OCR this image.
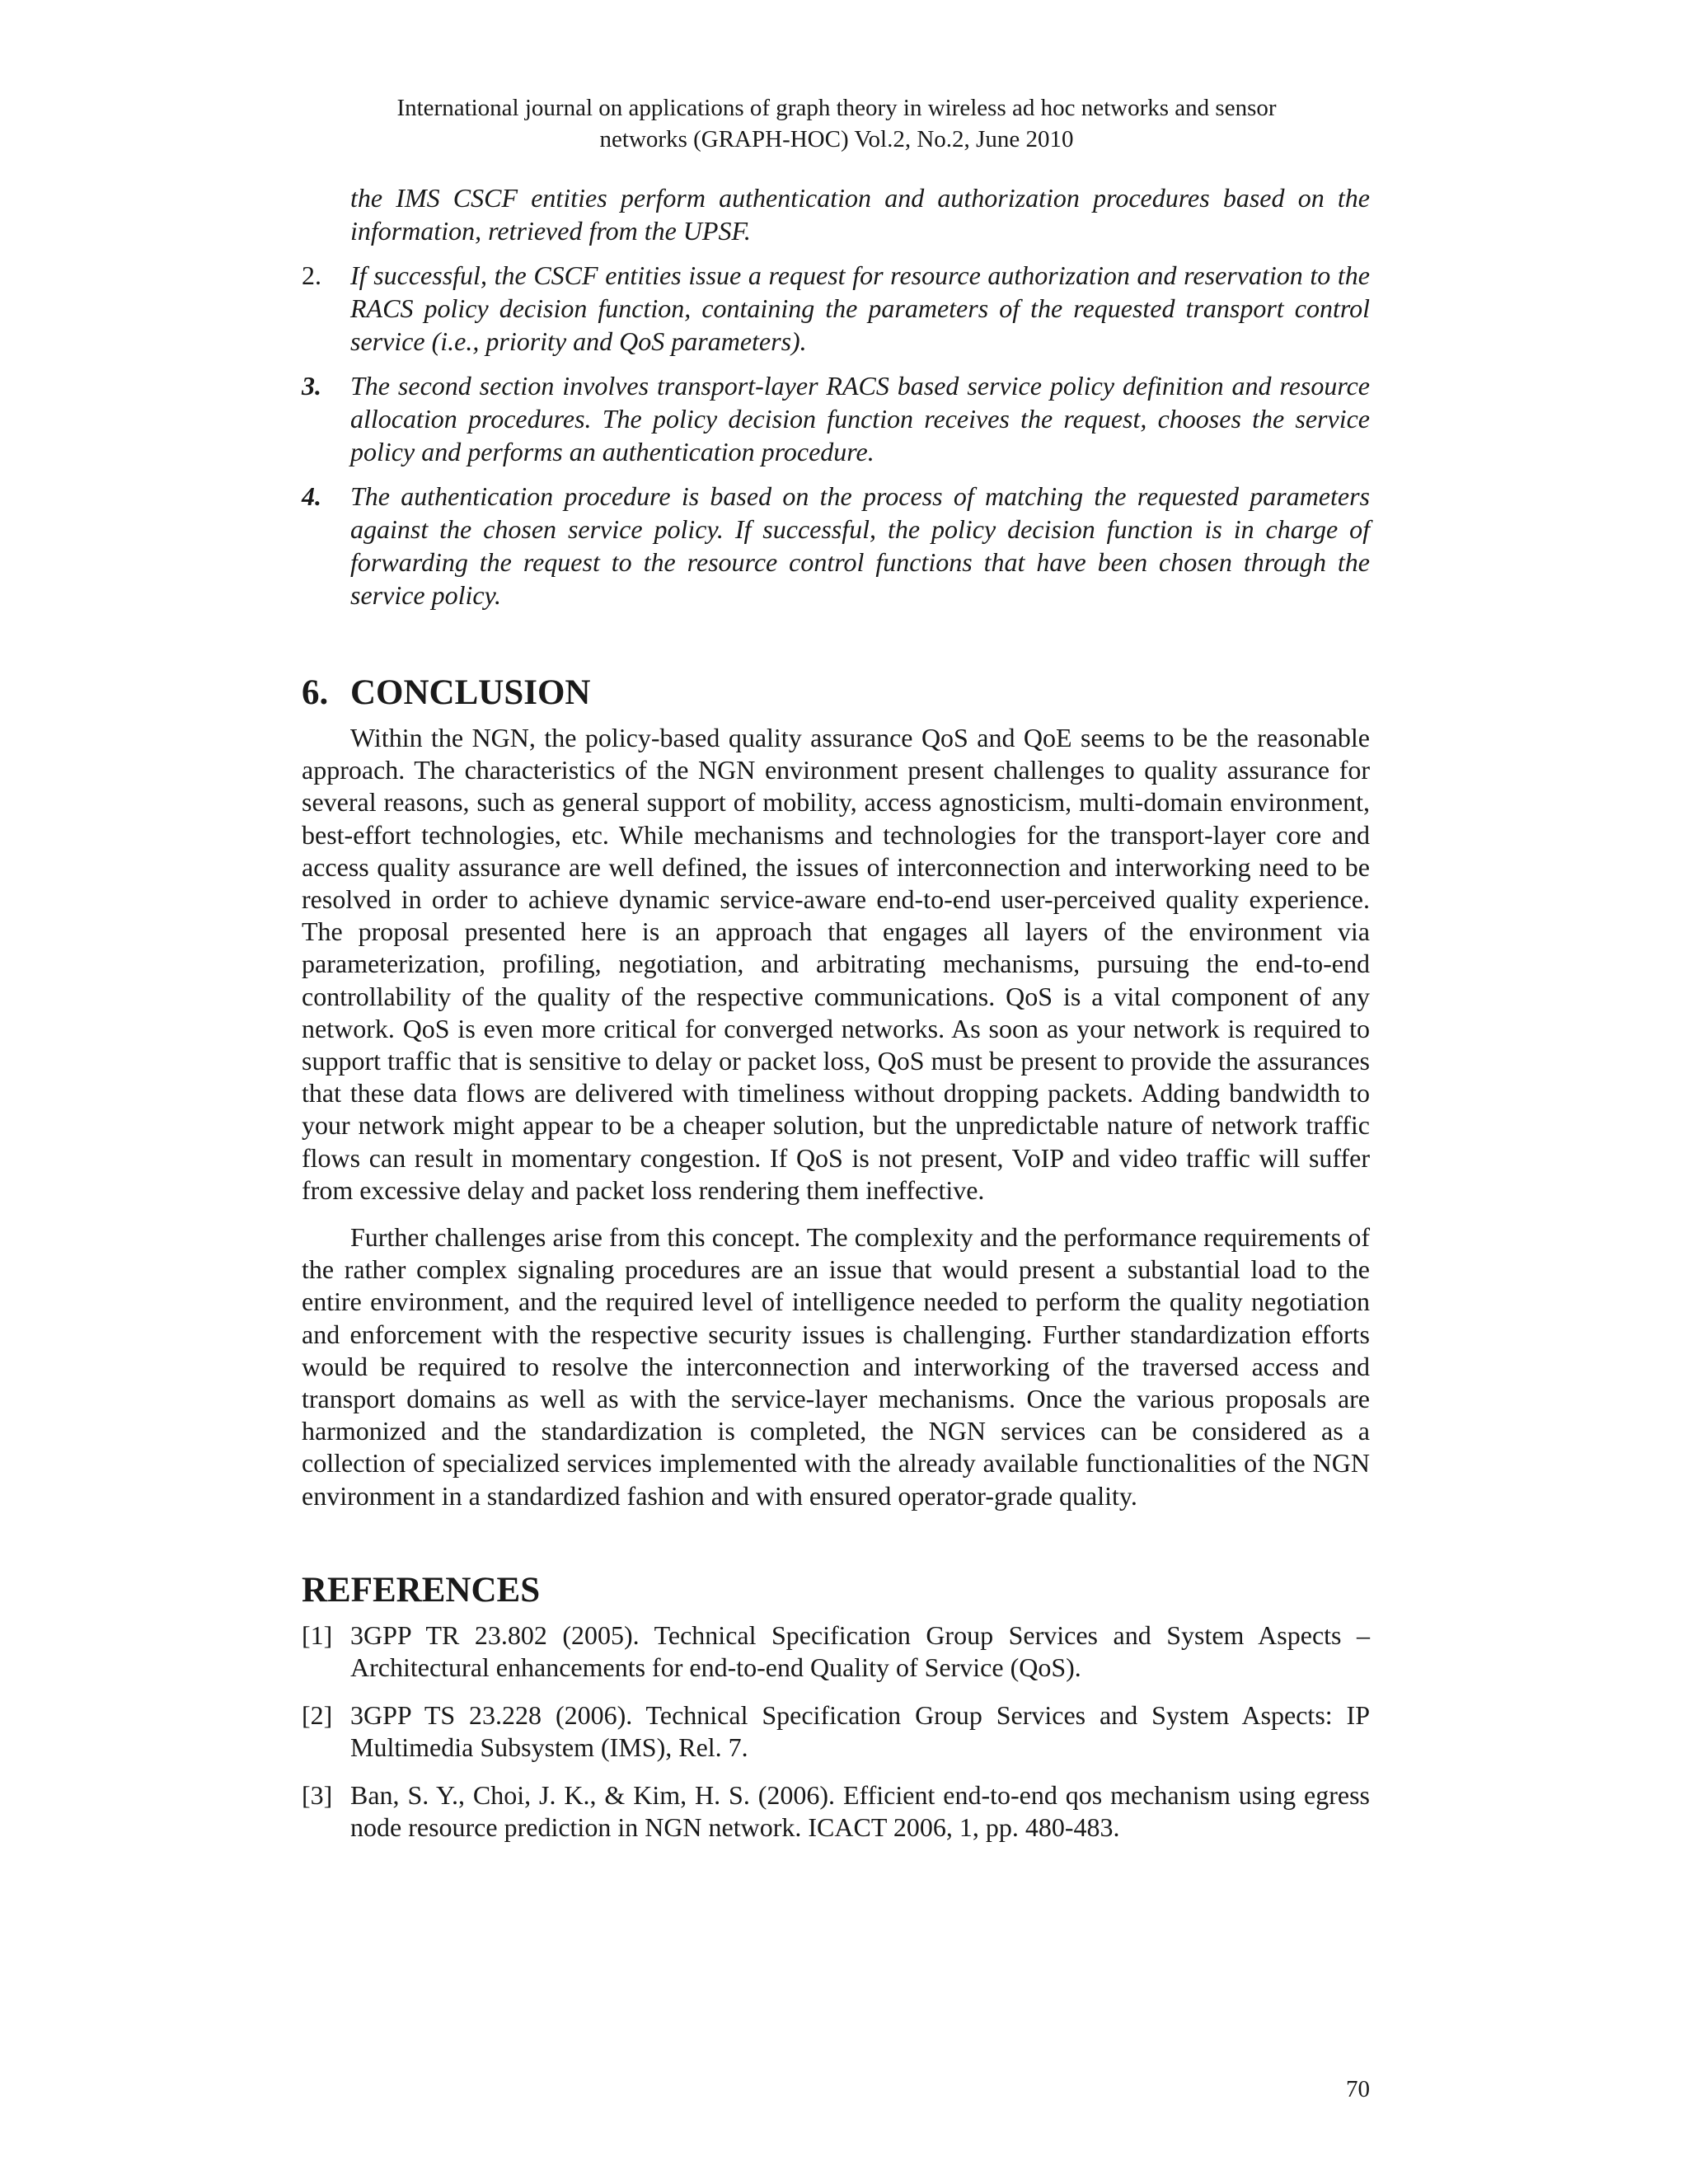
International journal on applications of graph theory in wireless ad hoc networks and sensor
networks (GRAPH-HOC) Vol.2, No.2, June 2010
the IMS CSCF entities perform authentication and authorization procedures based on the information, retrieved from the UPSF.
2. If successful, the CSCF entities issue a request for resource authorization and reservation to the RACS policy decision function, containing the parameters of the requested transport control service (i.e., priority and QoS parameters).
3. The second section involves transport-layer RACS based service policy definition and resource allocation procedures. The policy decision function receives the request, chooses the service policy and performs an authentication procedure.
4. The authentication procedure is based on the process of matching the requested parameters against the chosen service policy. If successful, the policy decision function is in charge of forwarding the request to the resource control functions that have been chosen through the service policy.
6. CONCLUSION

Within the NGN, the policy-based quality assurance QoS and QoE seems to be the reasonable approach. The characteristics of the NGN environment present challenges to quality assurance for several reasons, such as general support of mobility, access agnosticism, multi-domain environment, best-effort technologies, etc. While mechanisms and technologies for the transport-layer core and access quality assurance are well defined, the issues of interconnection and interworking need to be resolved in order to achieve dynamic service-aware end-to-end user-perceived quality experience. The proposal presented here is an approach that engages all layers of the environment via parameterization, profiling, negotiation, and arbitrating mechanisms, pursuing the end-to-end controllability of the quality of the respective communications. QoS is a vital component of any network. QoS is even more critical for converged networks. As soon as your network is required to support traffic that is sensitive to delay or packet loss, QoS must be present to provide the assurances that these data flows are delivered with timeliness without dropping packets. Adding bandwidth to your network might appear to be a cheaper solution, but the unpredictable nature of network traffic flows can result in momentary congestion. If QoS is not present, VoIP and video traffic will suffer from excessive delay and packet loss rendering them ineffective.

Further challenges arise from this concept. The complexity and the performance requirements of the rather complex signaling procedures are an issue that would present a substantial load to the entire environment, and the required level of intelligence needed to perform the quality negotiation and enforcement with the respective security issues is challenging. Further standardization efforts would be required to resolve the interconnection and interworking of the traversed access and transport domains as well as with the service-layer mechanisms. Once the various proposals are harmonized and the standardization is completed, the NGN services can be considered as a collection of specialized services implemented with the already available functionalities of the NGN environment in a standardized fashion and with ensured operator-grade quality.

REFERENCES
[1] 3GPP TR 23.802 (2005). Technical Specification Group Services and System Aspects – Architectural enhancements for end-to-end Quality of Service (QoS).
[2] 3GPP TS 23.228 (2006). Technical Specification Group Services and System Aspects: IP Multimedia Subsystem (IMS), Rel. 7.
[3] Ban, S. Y., Choi, J. K., & Kim, H. S. (2006). Efficient end-to-end qos mechanism using egress node resource prediction in NGN network. ICACT 2006, 1, pp. 480-483.
70
